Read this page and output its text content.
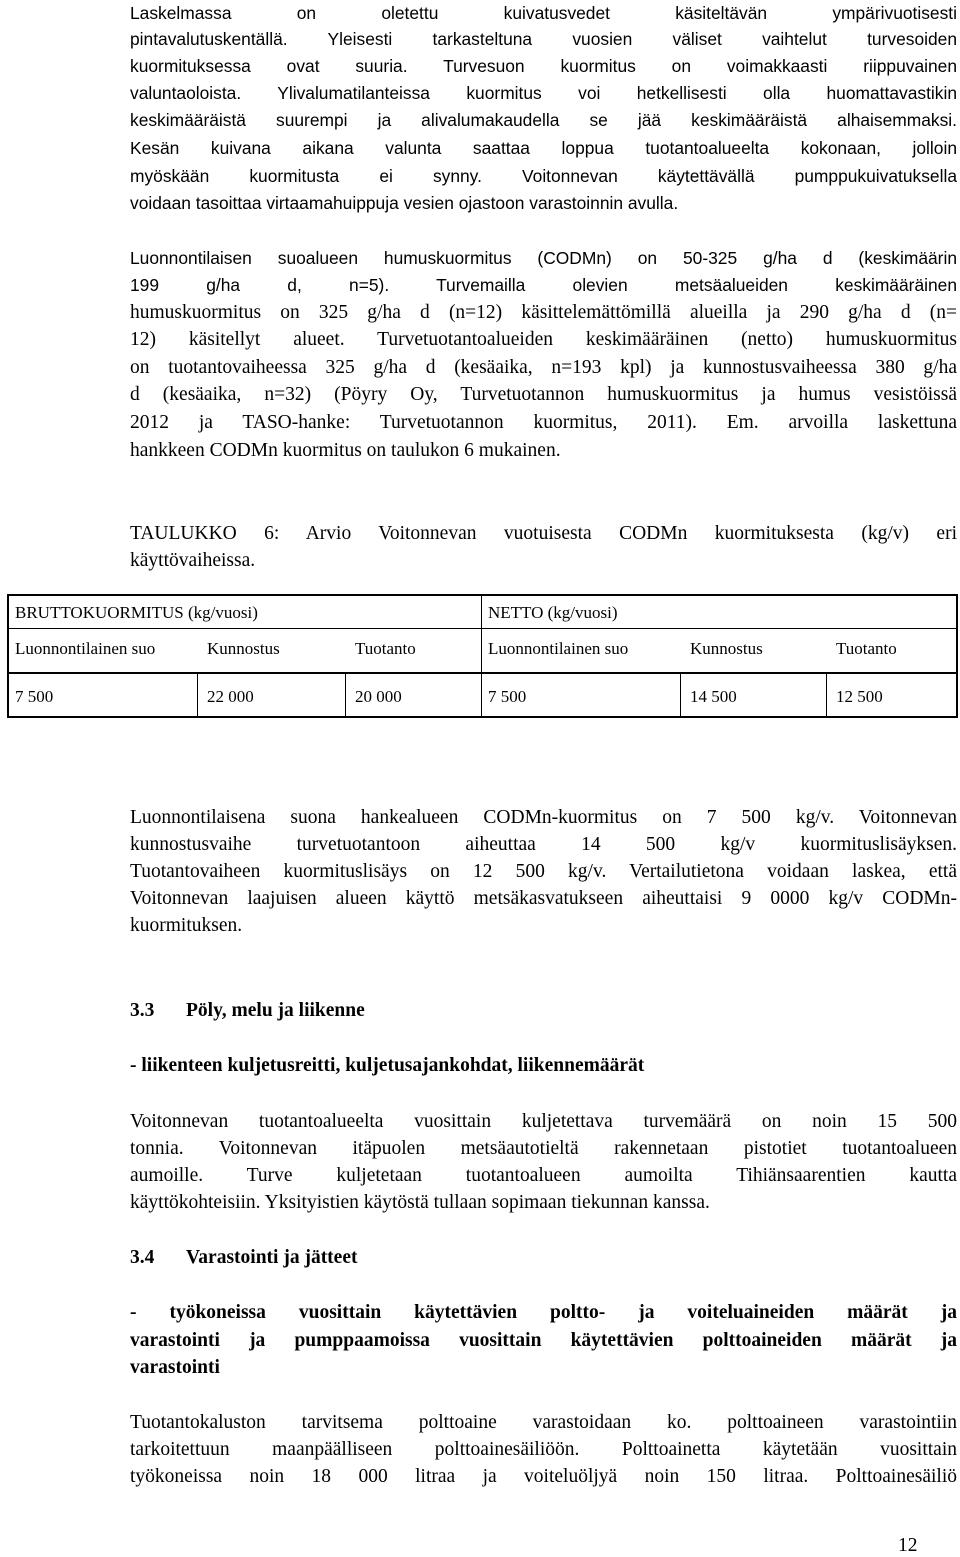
Laskelmassa on oletettu kuivatusvedet käsiteltävän ympärivuotisesti
pintavalutuskentällä. Yleisesti tarkasteltuna vuosien väliset vaihtelut turvesoiden
kuormituksessa ovat suuria. Turvesuon kuormitus on voimakkaasti riippuvainen
valuntaoloista. Ylivalumatilanteissa kuormitus voi hetkellisesti olla huomattavastikin
keskimääräistä suurempi ja alivalumakaudella se jää keskimääräistä alhaisemmaksi.
Kesän kuivana aikana valunta saattaa loppua tuotantoalueelta kokonaan, jolloin
myöskään kuormitusta ei synny. Voitonnevan käytettävällä pumppukuivatuksella
voidaan tasoittaa virtaamahuippuja vesien ojastoon varastoinnin avulla.
Luonnontilaisen suoalueen humuskuormitus (CODMn) on 50-325 g/ha d (keskimäärin
199 g/ha d, n=5). Turvemailla olevien metsäalueiden keskimääräinen
humuskuormitus on 325 g/ha d (n=12) käsittelemättömillä alueilla ja 290 g/ha d (n=
12) käsitellyt alueet. Turvetuotantoalueiden keskimääräinen (netto) humuskuormitus
on tuotantovaiheessa 325 g/ha d (kesäaika, n=193 kpl) ja kunnostusvaiheessa 380 g/ha
d (kesäaika, n=32) (Pöyry Oy, Turvetuotannon humuskuormitus ja humus vesistöissä
2012 ja TASO-hanke: Turvetuotannon kuormitus, 2011). Em. arvoilla laskettuna
hankkeen CODMn kuormitus on taulukon 6 mukainen.
TAULUKKO 6: Arvio Voitonnevan vuotuisesta CODMn kuormituksesta (kg/v) eri
käyttövaiheissa.
BRUTTOKUORMITUS (kg/vuosi)	NETTO (kg/vuosi)
Luonnontilainen suo	Kunnostus	Tuotanto	Luonnontilainen suo	Kunnostus	Tuotanto
7 500	22 000	20 000	7 500	14 500	12 500
Luonnontilaisena suona hankealueen CODMn-kuormitus on 7 500 kg/v. Voitonnevan
kunnostusvaihe turvetuotantoon aiheuttaa 14 500 kg/v kuormituslisäyksen.
Tuotantovaiheen kuormituslisäys on 12 500 kg/v. Vertailutietona voidaan laskea, että
Voitonnevan laajuisen alueen käyttö metsäkasvatukseen aiheuttaisi 9 0000 kg/v CODMn-
kuormituksen.
3.3 Pöly, melu ja liikenne
- liikenteen kuljetusreitti, kuljetusajankohdat, liikennemäärät
Voitonnevan tuotantoalueelta vuosittain kuljetettava turvemäärä on noin 15 500
tonnia. Voitonnevan itäpuolen metsäautotieltä rakennetaan pistotiet tuotantoalueen
aumoille. Turve kuljetetaan tuotantoalueen aumoilta Tihiänsaarentien kautta
käyttökohteisiin. Yksityistien käytöstä tullaan sopimaan tiekunnan kanssa.
3.4 Varastointi ja jätteet
- työkoneissa vuosittain käytettävien poltto- ja voiteluaineiden määrät ja
varastointi ja pumppaamoissa vuosittain käytettävien polttoaineiden määrät ja
varastointi
Tuotantokaluston tarvitsema polttoaine varastoidaan ko. polttoaineen varastointiin
tarkoitettuun maanpäälliseen polttoainesäiliöön. Polttoainetta käytetään vuosittain
työkoneissa noin 18 000 litraa ja voiteluöljyä noin 150 litraa. Polttoainesäiliö
12
